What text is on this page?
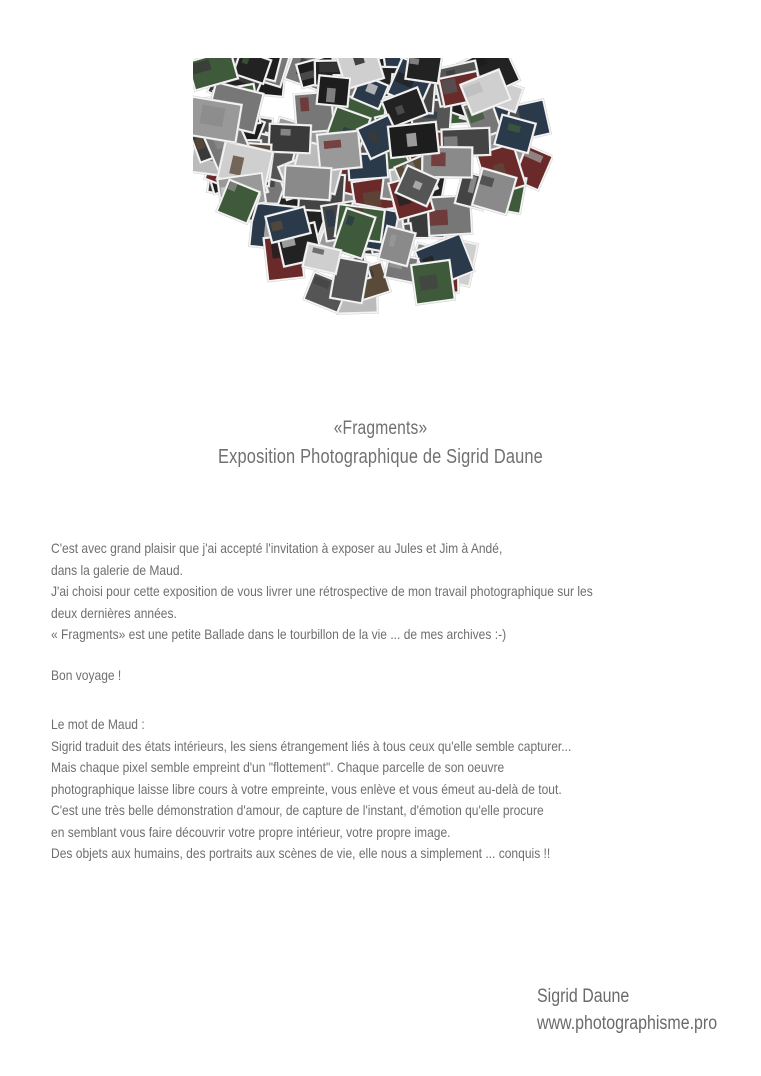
«Fragments»
Exposition Photographique de Sigrid Daune
C'est avec grand plaisir que j'ai accepté l'invitation à exposer au Jules et Jim à Andé,
dans la galerie de Maud.
J'ai choisi pour cette exposition de vous livrer une rétrospective de mon travail photographique sur les
deux dernières années.
« Fragments» est une petite Ballade dans le tourbillon de la vie ... de mes archives :-)
Bon voyage !
Le mot de Maud :
Sigrid traduit des états intérieurs, les siens étrangement liés à tous ceux qu'elle semble capturer...
Mais chaque pixel semble empreint d'un "flottement". Chaque parcelle de son oeuvre
photographique laisse libre cours à votre empreinte, vous enlève et vous émeut au-delà de tout.
C'est une très belle démonstration d'amour, de capture de l'instant, d'émotion qu'elle procure
en semblant vous faire découvrir votre propre intérieur, votre propre image.
Des objets aux humains, des portraits aux scènes de vie, elle nous a simplement ... conquis !!
Sigrid Daune
www.photographisme.pro
